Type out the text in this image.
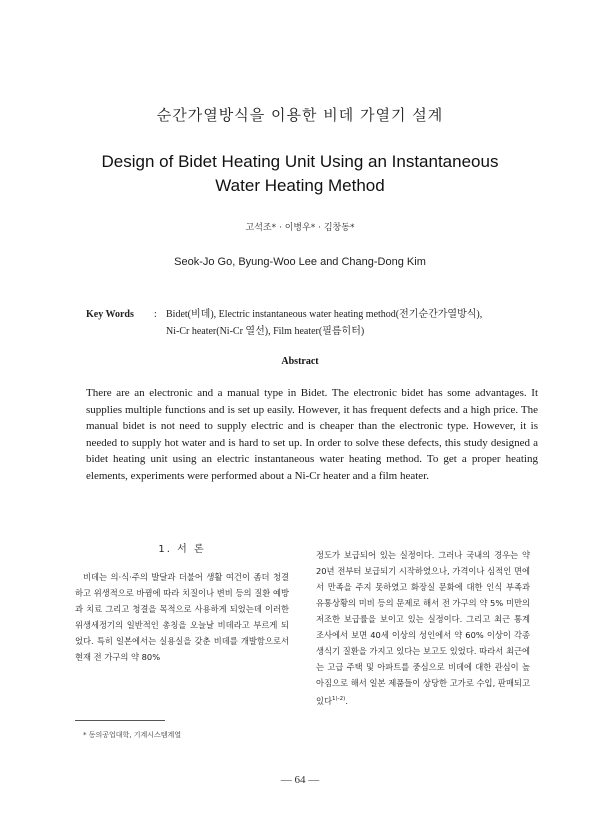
순간가열방식을 이용한 비데 가열기 설계
Design of Bidet Heating Unit Using an Instantaneous
Water Heating Method
고석조* · 이병우* · 김창동*
Seok-Jo Go, Byung-Woo Lee and Chang-Dong Kim
Key Words : Bidet(비데), Electric instantaneous water heating method(전기순간가열방식),
Ni-Cr heater(Ni-Cr 열선), Film heater(필름히터)
Abstract

There are an electronic and a manual type in Bidet. The electronic bidet has some advantages. It supplies multiple functions and is set up easily. However, it has frequent defects and a high price. The manual bidet is not need to supply electric and is cheaper than the electronic type. However, it is needed to supply hot water and is hard to set up. In order to solve these defects, this study designed a bidet heating unit using an electric instantaneous water heating method. To get a proper heating elements, experiments were performed about a Ni-Cr heater and a film heater.

1. 서 론

비데는 의·식·주의 발달과 더불어 생활 여건이 좀더 청결하고 위생적으로 바뀜에 따라 치질이나 변비 등의 질환 예방과 치료 그리고 청결을 목적으로 사용하게 되었는데 이러한 위생세정기의 일반적인 총칭을 오늘날 비데라고 부르게 되었다. 특히 일본에서는 실용실을 갖춘 비데를 개발함으로서 현재 전 가구의 약 80%

* 동의공업대학, 기계시스템계열

정도가 보급되어 있는 실정이다. 그러나 국내의 경우는 약 20년 전부터 보급되기 시작하였으나, 가격이나 심적인 면에서 만족을 주지 못하였고 화장실 문화에 대한 인식 부족과 유통상황의 미비 등의 문제로 해서 전 가구의 약 5% 미만의 저조한 보급률을 보이고 있는 실정이다. 그리고 최근 통계 조사에서 보면 40세 이상의 성인에서 약 60% 이상이 각종 생식기 질환을 가지고 있다는 보고도 있었다. 따라서 최근에는 고급 주택 및 아파트를 중심으로 비데에 대한 관심이 높아짐으로 해서 일본 제품들이 상당한 고가로 수입, 판매되고 있다$^{1)-2)}$.

— 64 —
